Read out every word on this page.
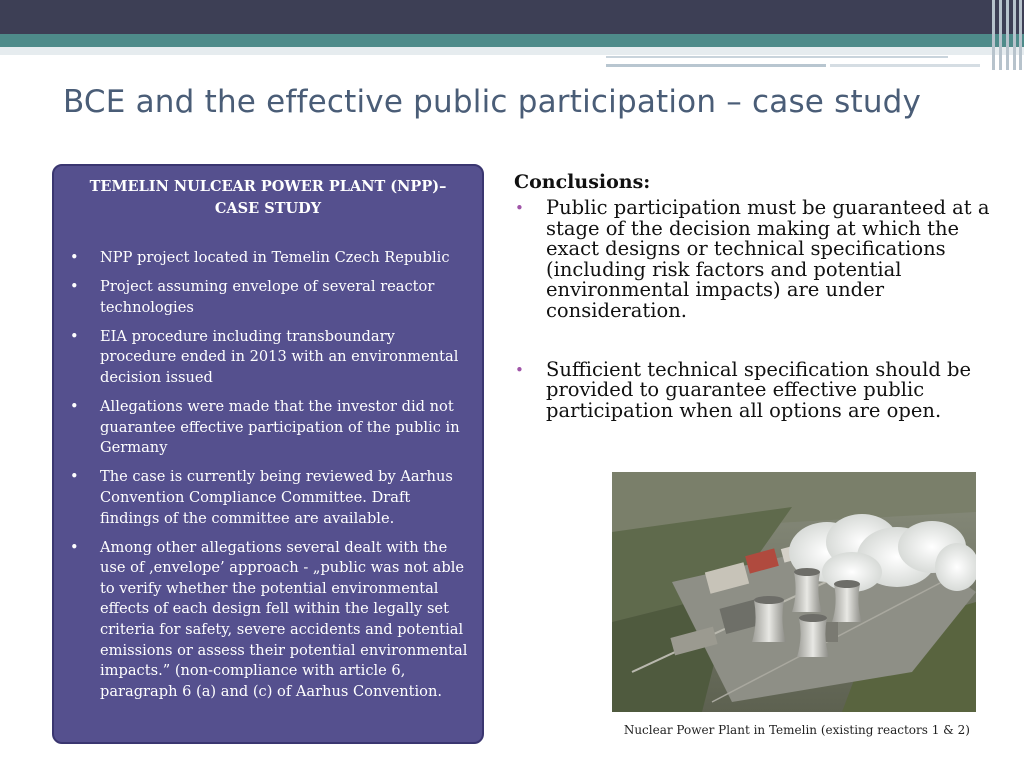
BCE and the effective public participation – case study
TEMELIN NULCEAR POWER PLANT (NPP)–
CASE STUDY
• NPP project located in Temelin Czech Republic
• Project assuming envelope of several reactor technologies
• EIA procedure including transboundary procedure ended in 2013 with an environmental decision issued
• Allegations were made that the investor did not guarantee effective participation of the public in Germany
• The case is currently being reviewed by Aarhus Convention Compliance Committee. Draft findings of the committee are available.
• Among other allegations several dealt with the use of ‚envelope’ approach - „public was not able to verify whether the potential environmental effects of each design fell within the legally set criteria for safety, severe accidents and potential emissions or assess their potential environmental impacts.” (non-compliance with article 6, paragraph 6 (a) and (c) of Aarhus Convention.
Conclusions:
• Public participation must be guaranteed at a stage of the decision making at which the exact designs or technical specifications (including risk factors and potential environmental impacts) are under consideration.
• Sufficient technical specification should be provided to guarantee effective public participation when all options are open.
Nuclear Power Plant in Temelin (existing reactors 1 & 2)
